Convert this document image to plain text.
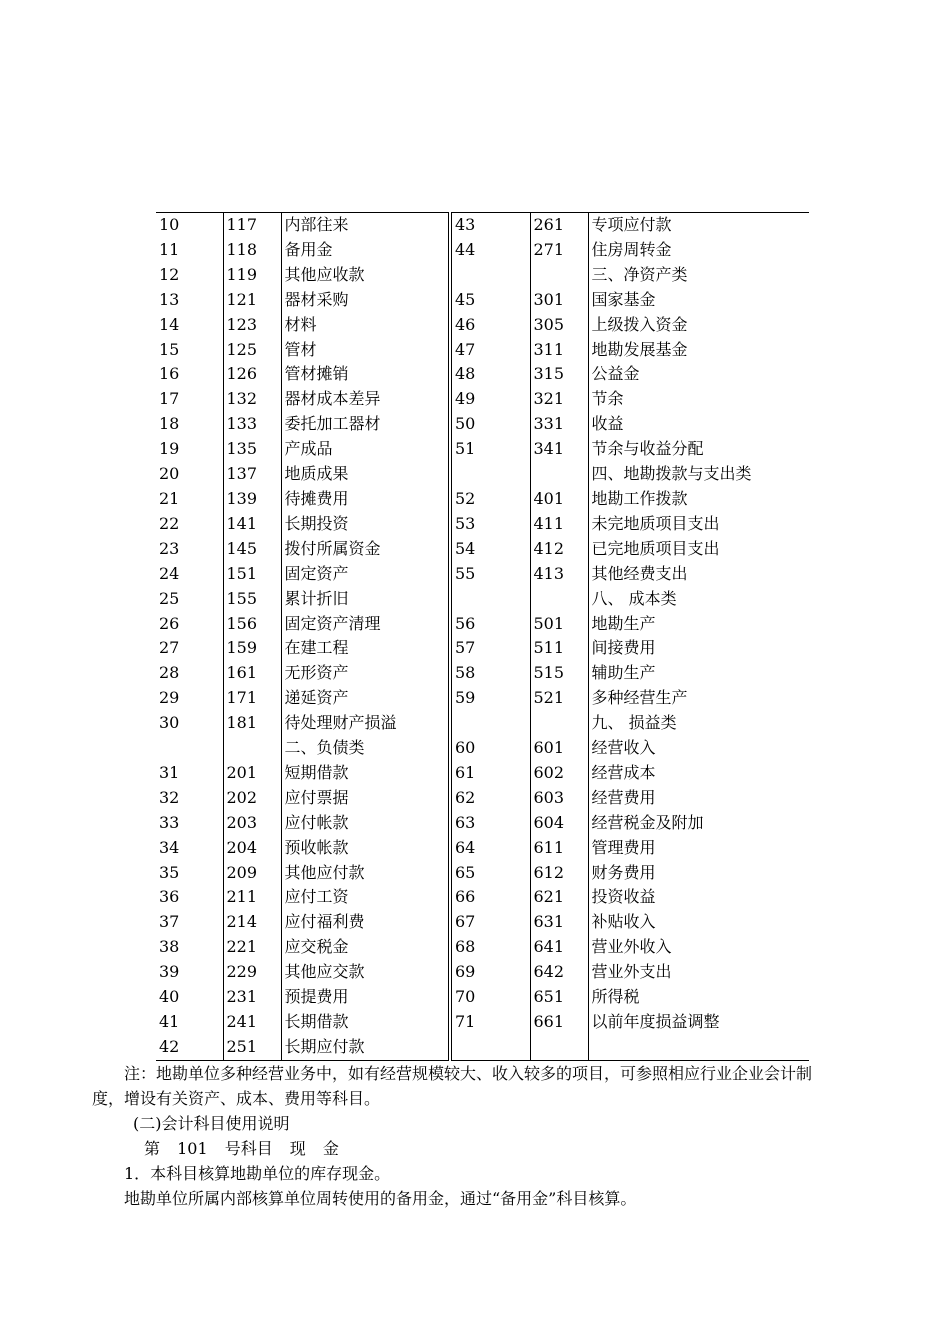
10	117	内部往来	43	261	专项应付款
11	118	备用金	44	271	住房周转金
12	119	其他应收款			三、净资产类
13	121	器材采购	45	301	国家基金
14	123	材料	46	305	上级拨入资金
15	125	管材	47	311	地勘发展基金
16	126	管材摊销	48	315	公益金
17	132	器材成本差异	49	321	节余
18	133	委托加工器材	50	331	收益
19	135	产成品	51	341	节余与收益分配
20	137	地质成果			四、地勘拨款与支出类
21	139	待摊费用	52	401	地勘工作拨款
22	141	长期投资	53	411	未完地质项目支出
23	145	拨付所属资金	54	412	已完地质项目支出
24	151	固定资产	55	413	其他经费支出
25	155	累计折旧			八、 成本类
26	156	固定资产清理	56	501	地勘生产
27	159	在建工程	57	511	间接费用
28	161	无形资产	58	515	辅助生产
29	171	递延资产	59	521	多种经营生产
30	181	待处理财产损溢			九、 损益类
		二、负债类	60	601	经营收入
31	201	短期借款	61	602	经营成本
32	202	应付票据	62	603	经营费用
33	203	应付帐款	63	604	经营税金及附加
34	204	预收帐款	64	611	管理费用
35	209	其他应付款	65	612	财务费用
36	211	应付工资	66	621	投资收益
37	214	应付福利费	67	631	补贴收入
38	221	应交税金	68	641	营业外收入
39	229	其他应交款	69	642	营业外支出
40	231	预提费用	70	651	所得税
41	241	长期借款	71	661	以前年度损益调整
42	251	长期应付款			

注：地勘单位多种经营业务中，如有经营规模较大、收入较多的项目，可参照相应行业企业会计制

度，增设有关资产、成本、费用等科目。

(二)会计科目使用说明

第 101 号科目 现 金

1．本科目核算地勘单位的库存现金。

地勘单位所属内部核算单位周转使用的备用金，通过“备用金”科目核算。
